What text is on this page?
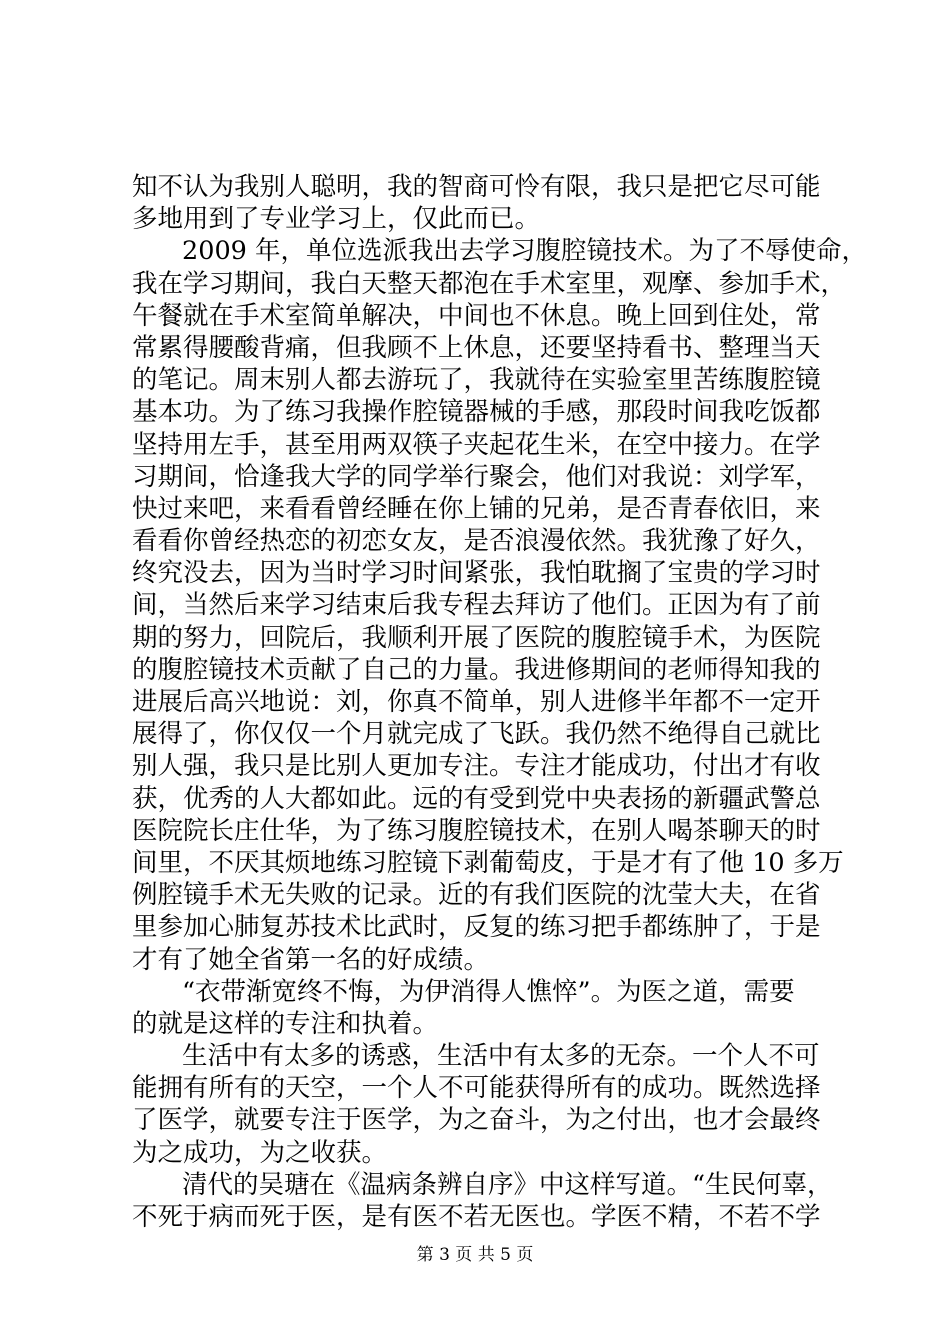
知不认为我别人聪明，我的智商可怜有限，我只是把它尽可能
多地用到了专业学习上，仅此而已。
2009 年，单位选派我出去学习腹腔镜技术。为了不辱使命，
我在学习期间，我白天整天都泡在手术室里，观摩、参加手术，
午餐就在手术室简单解决，中间也不休息。晚上回到住处，常
常累得腰酸背痛，但我顾不上休息，还要坚持看书、整理当天
的笔记。周末别人都去游玩了，我就待在实验室里苦练腹腔镜
基本功。为了练习我操作腔镜器械的手感，那段时间我吃饭都
坚持用左手，甚至用两双筷子夹起花生米，在空中接力。在学
习期间，恰逢我大学的同学举行聚会，他们对我说：刘学军，
快过来吧，来看看曾经睡在你上铺的兄弟，是否青春依旧，来
看看你曾经热恋的初恋女友，是否浪漫依然。我犹豫了好久，
终究没去，因为当时学习时间紧张，我怕耽搁了宝贵的学习时
间，当然后来学习结束后我专程去拜访了他们。正因为有了前
期的努力，回院后，我顺利开展了医院的腹腔镜手术，为医院
的腹腔镜技术贡献了自己的力量。我进修期间的老师得知我的
进展后高兴地说：刘，你真不简单，别人进修半年都不一定开
展得了，你仅仅一个月就完成了飞跃。我仍然不绝得自己就比
别人强，我只是比别人更加专注。专注才能成功，付出才有收
获，优秀的人大都如此。远的有受到党中央表扬的新疆武警总
医院院长庄仕华，为了练习腹腔镜技术，在别人喝茶聊天的时
间里，不厌其烦地练习腔镜下剥葡萄皮，于是才有了他 10 多万
例腔镜手术无失败的记录。近的有我们医院的沈莹大夫，在省
里参加心肺复苏技术比武时，反复的练习把手都练肿了，于是
才有了她全省第一名的好成绩。
“衣带渐宽终不悔，为伊消得人憔悴”。为医之道，需要
的就是这样的专注和执着。
生活中有太多的诱惑，生活中有太多的无奈。一个人不可
能拥有所有的天空，一个人不可能获得所有的成功。既然选择
了医学，就要专注于医学，为之奋斗，为之付出，也才会最终
为之成功，为之收获。
清代的吴瑭在《温病条辨自序》中这样写道。“生民何辜，
不死于病而死于医，是有医不若无医也。学医不精，不若不学
第 3 页 共 5 页
